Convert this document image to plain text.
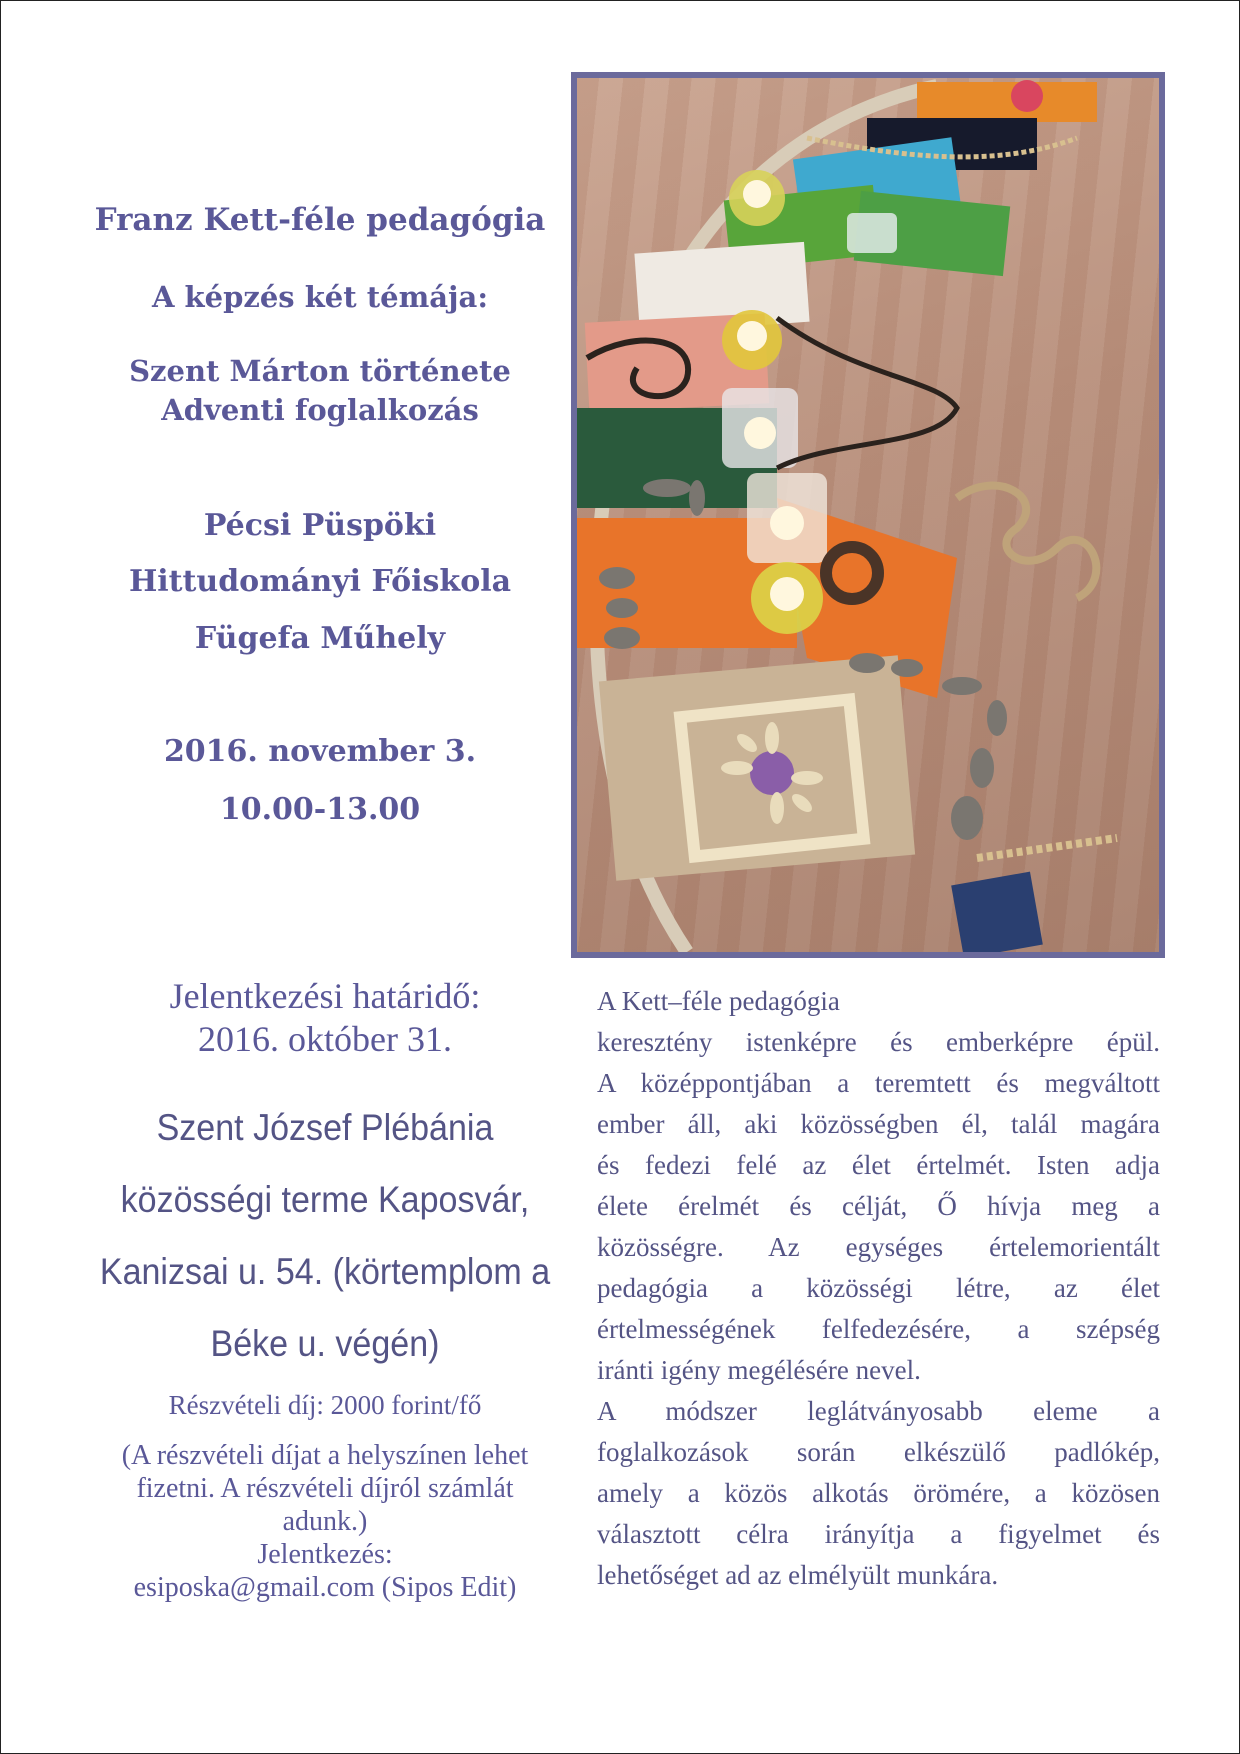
Franz Kett-féle pedagógia
A képzés két témája:
Szent Márton története
Adventi foglalkozás
Pécsi Püspöki
Hittudományi Főiskola
Fügefa Műhely
2016. november 3.
10.00-13.00
Jelentkezési határidő:
2016. október 31.
Szent József Plébánia
közösségi terme Kaposvár,
Kanizsai u. 54. (körtemplom a
Béke u. végén)
Részvételi díj: 2000 forint/fő
(A részvételi díjat a helyszínen lehet
fizetni. A részvételi díjról számlát
adunk.)
Jelentkezés:
esiposka@gmail.com (Sipos Edit)
A Kett–féle pedagógia
keresztény istenképre és emberképre épül.
A középpontjában a teremtett és megváltott
ember áll, aki közösségben él, talál magára
és fedezi felé az élet értelmét. Isten adja
élete érelmét és célját, Ő hívja meg a
közösségre. Az egységes értelemorientált
pedagógia a közösségi létre, az élet
értelmességének felfedezésére, a szépség
iránti igény megélésére nevel.
A módszer leglátványosabb eleme a
foglalkozások során elkészülő padlókép,
amely a közös alkotás örömére, a közösen
választott célra irányítja a figyelmet és
lehetőséget ad az elmélyült munkára.
